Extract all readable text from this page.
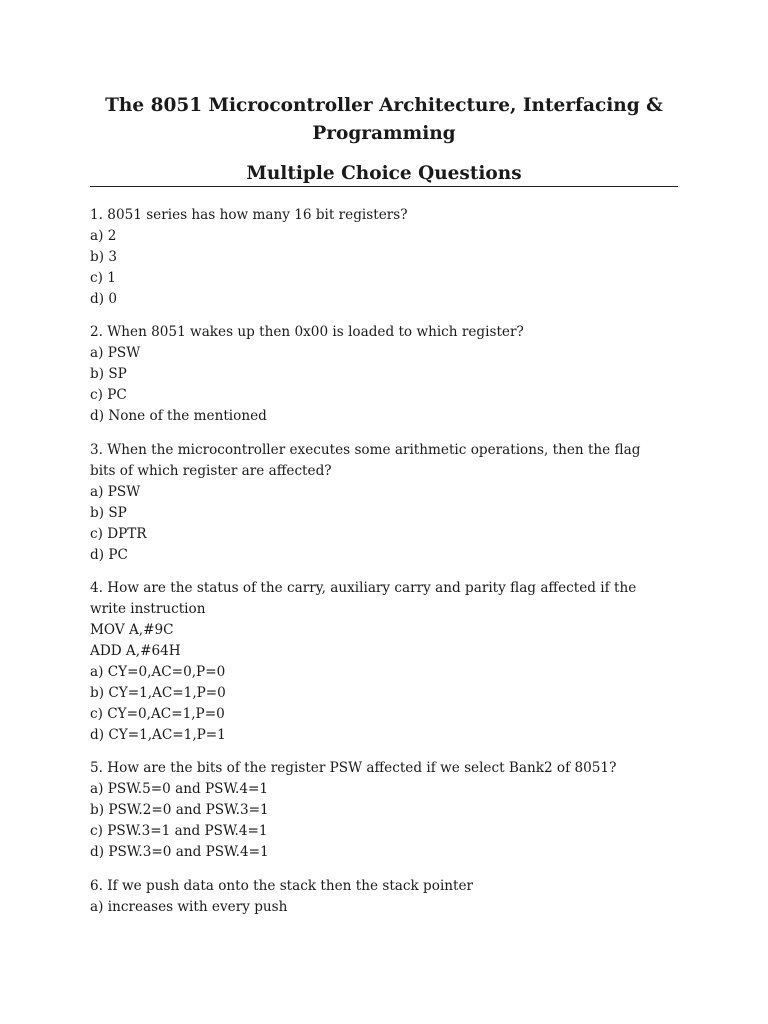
The 8051 Microcontroller Architecture, Interfacing & Programming
Multiple Choice Questions
1. 8051 series has how many 16 bit registers?
a) 2
b) 3
c) 1
d) 0
2. When 8051 wakes up then 0x00 is loaded to which register?
a) PSW
b) SP
c) PC
d) None of the mentioned
3. When the microcontroller executes some arithmetic operations, then the flag
bits of which register are affected?
a) PSW
b) SP
c) DPTR
d) PC
4. How are the status of the carry, auxiliary carry and parity flag affected if the
write instruction
MOV A,#9C
ADD A,#64H
a) CY=0,AC=0,P=0
b) CY=1,AC=1,P=0
c) CY=0,AC=1,P=0
d) CY=1,AC=1,P=1
5. How are the bits of the register PSW affected if we select Bank2 of 8051?
a) PSW.5=0 and PSW.4=1
b) PSW.2=0 and PSW.3=1
c) PSW.3=1 and PSW.4=1
d) PSW.3=0 and PSW.4=1
6. If we push data onto the stack then the stack pointer
a) increases with every push
